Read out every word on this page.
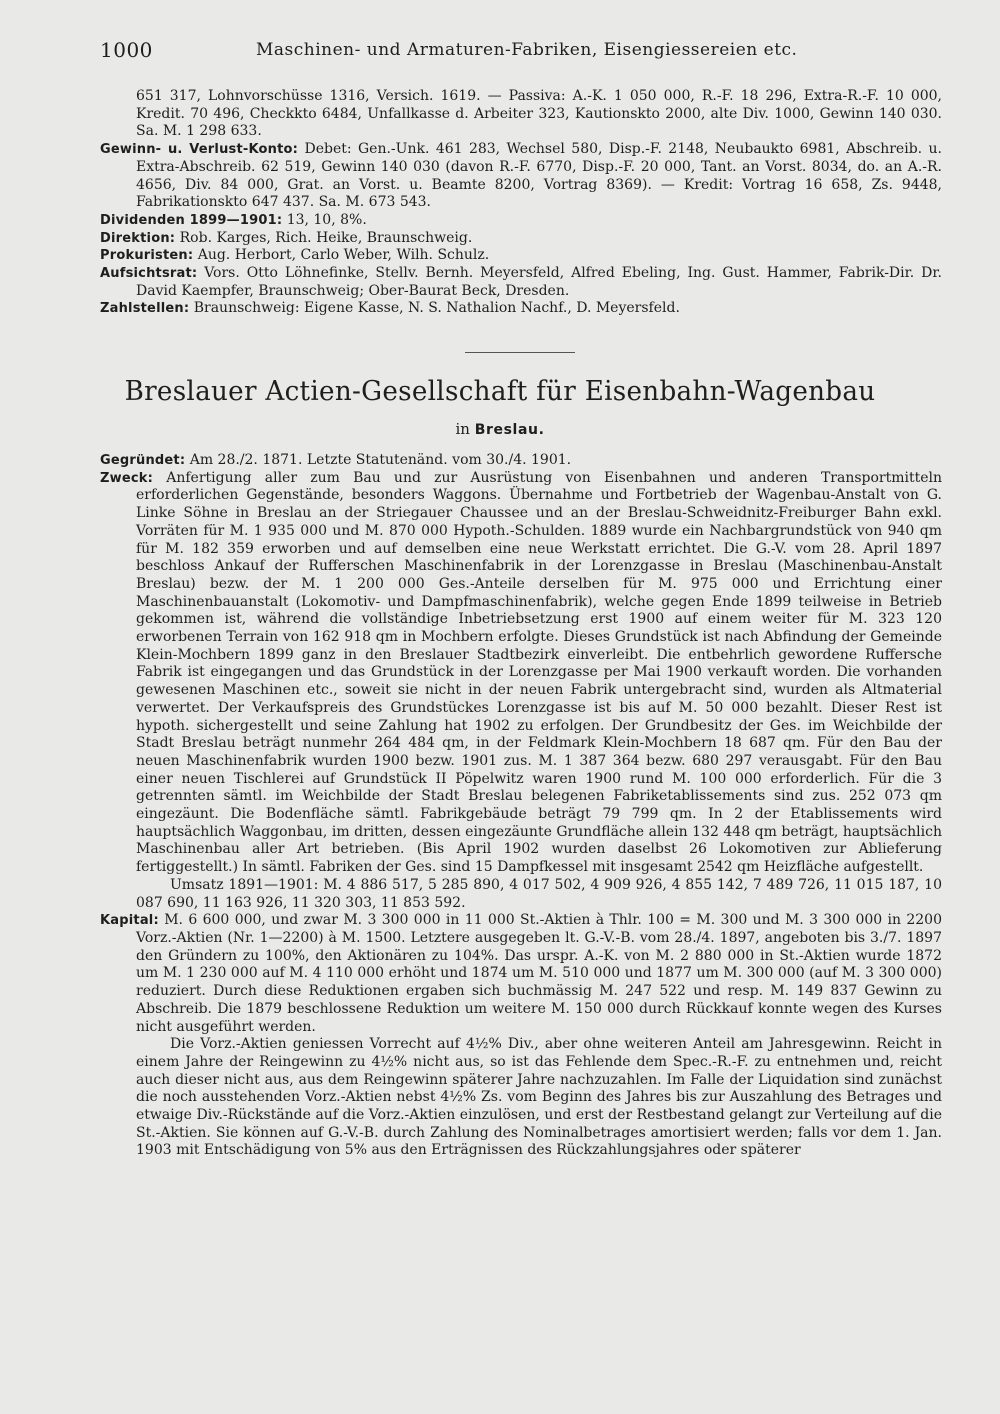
1000	Maschinen- und Armaturen-Fabriken, Eisengiessereien etc.

651 317, Lohnvorschüsse 1316, Versich. 1619. — Passiva: A.-K. 1 050 000, R.-F. 18 296, Extra-R.-F. 10 000, Kredit. 70 496, Checkkto 6484, Unfallkasse d. Arbeiter 323, Kautionskto 2000, alte Div. 1000, Gewinn 140 030. Sa. M. 1 298 633.

Gewinn- u. Verlust-Konto: Debet: Gen.-Unk. 461 283, Wechsel 580, Disp.-F. 2148, Neubaukto 6981, Abschreib. u. Extra-Abschreib. 62 519, Gewinn 140 030 (davon R.-F. 6770, Disp.-F. 20 000, Tant. an Vorst. 8034, do. an A.-R. 4656, Div. 84 000, Grat. an Vorst. u. Beamte 8200, Vortrag 8369). — Kredit: Vortrag 16 658, Zs. 9448, Fabrikationskto 647 437. Sa. M. 673 543.

Dividenden 1899—1901: 13, 10, 8%.

Direktion: Rob. Karges, Rich. Heike, Braunschweig.

Prokuristen: Aug. Herbort, Carlo Weber, Wilh. Schulz.

Aufsichtsrat: Vors. Otto Löhnefinke, Stellv. Bernh. Meyersfeld, Alfred Ebeling, Ing. Gust. Hammer, Fabrik-Dir. Dr. David Kaempfer, Braunschweig; Ober-Baurat Beck, Dresden.

Zahlstellen: Braunschweig: Eigene Kasse, N. S. Nathalion Nachf., D. Meyersfeld.

Breslauer Actien-Gesellschaft für Eisenbahn-Wagenbau
in Breslau.

Gegründet: Am 28./2. 1871. Letzte Statutenänd. vom 30./4. 1901.

Zweck: Anfertigung aller zum Bau und zur Ausrüstung von Eisenbahnen und anderen Transportmitteln erforderlichen Gegenstände, besonders Waggons. Übernahme und Fortbetrieb der Wagenbau-Anstalt von G. Linke Söhne in Breslau an der Striegauer Chaussee und an der Breslau-Schweidnitz-Freiburger Bahn exkl. Vorräten für M. 1 935 000 und M. 870 000 Hypoth.-Schulden. 1889 wurde ein Nachbargrundstück von 940 qm für M. 182 359 erworben und auf demselben eine neue Werkstatt errichtet. Die G.-V. vom 28. April 1897 beschloss Ankauf der Rufferschen Maschinenfabrik in der Lorenzgasse in Breslau (Maschinenbau-Anstalt Breslau) bezw. der M. 1 200 000 Ges.-Anteile derselben für M. 975 000 und Errichtung einer Maschinenbauanstalt (Lokomotiv- und Dampfmaschinenfabrik), welche gegen Ende 1899 teilweise in Betrieb gekommen ist, während die vollständige Inbetriebsetzung erst 1900 auf einem weiter für M. 323 120 erworbenen Terrain von 162 918 qm in Mochbern erfolgte. Dieses Grundstück ist nach Abfindung der Gemeinde Klein-Mochbern 1899 ganz in den Breslauer Stadtbezirk einverleibt. Die entbehrlich gewordene Ruffersche Fabrik ist eingegangen und das Grundstück in der Lorenzgasse per Mai 1900 verkauft worden. Die vorhanden gewesenen Maschinen etc., soweit sie nicht in der neuen Fabrik untergebracht sind, wurden als Altmaterial verwertet. Der Verkaufspreis des Grundstückes Lorenzgasse ist bis auf M. 50 000 bezahlt. Dieser Rest ist hypoth. sichergestellt und seine Zahlung hat 1902 zu erfolgen. Der Grundbesitz der Ges. im Weichbilde der Stadt Breslau beträgt nunmehr 264 484 qm, in der Feldmark Klein-Mochbern 18 687 qm. Für den Bau der neuen Maschinenfabrik wurden 1900 bezw. 1901 zus. M. 1 387 364 bezw. 680 297 verausgabt. Für den Bau einer neuen Tischlerei auf Grundstück II Pöpelwitz waren 1900 rund M. 100 000 erforderlich. Für die 3 getrennten sämtl. im Weichbilde der Stadt Breslau belegenen Fabriketablissements sind zus. 252 073 qm eingezäunt. Die Bodenfläche sämtl. Fabrikgebäude beträgt 79 799 qm. In 2 der Etablissements wird hauptsächlich Waggonbau, im dritten, dessen eingezäunte Grundfläche allein 132 448 qm beträgt, hauptsächlich Maschinenbau aller Art betrieben. (Bis April 1902 wurden daselbst 26 Lokomotiven zur Ablieferung fertiggestellt.) In sämtl. Fabriken der Ges. sind 15 Dampfkessel mit insgesamt 2542 qm Heizfläche aufgestellt.

Umsatz 1891—1901: M. 4 886 517, 5 285 890, 4 017 502, 4 909 926, 4 855 142, 7 489 726, 11 015 187, 10 087 690, 11 163 926, 11 320 303, 11 853 592.

Kapital: M. 6 600 000, und zwar M. 3 300 000 in 11 000 St.-Aktien à Thlr. 100 = M. 300 und M. 3 300 000 in 2200 Vorz.-Aktien (Nr. 1—2200) à M. 1500. Letztere ausgegeben lt. G.-V.-B. vom 28./4. 1897, angeboten bis 3./7. 1897 den Gründern zu 100%, den Aktionären zu 104%. Das urspr. A.-K. von M. 2 880 000 in St.-Aktien wurde 1872 um M. 1 230 000 auf M. 4 110 000 erhöht und 1874 um M. 510 000 und 1877 um M. 300 000 (auf M. 3 300 000) reduziert. Durch diese Reduktionen ergaben sich buchmässig M. 247 522 und resp. M. 149 837 Gewinn zu Abschreib. Die 1879 beschlossene Reduktion um weitere M. 150 000 durch Rückkauf konnte wegen des Kurses nicht ausgeführt werden.

Die Vorz.-Aktien geniessen Vorrecht auf 4½% Div., aber ohne weiteren Anteil am Jahresgewinn. Reicht in einem Jahre der Reingewinn zu 4½% nicht aus, so ist das Fehlende dem Spec.-R.-F. zu entnehmen und, reicht auch dieser nicht aus, aus dem Reingewinn späterer Jahre nachzuzahlen. Im Falle der Liquidation sind zunächst die noch ausstehenden Vorz.-Aktien nebst 4½% Zs. vom Beginn des Jahres bis zur Auszahlung des Betrages und etwaige Div.-Rückstände auf die Vorz.-Aktien einzulösen, und erst der Restbestand gelangt zur Verteilung auf die St.-Aktien. Sie können auf G.-V.-B. durch Zahlung des Nominalbetrages amortisiert werden; falls vor dem 1. Jan. 1903 mit Entschädigung von 5% aus den Erträgnissen des Rückzahlungsjahres oder späterer
